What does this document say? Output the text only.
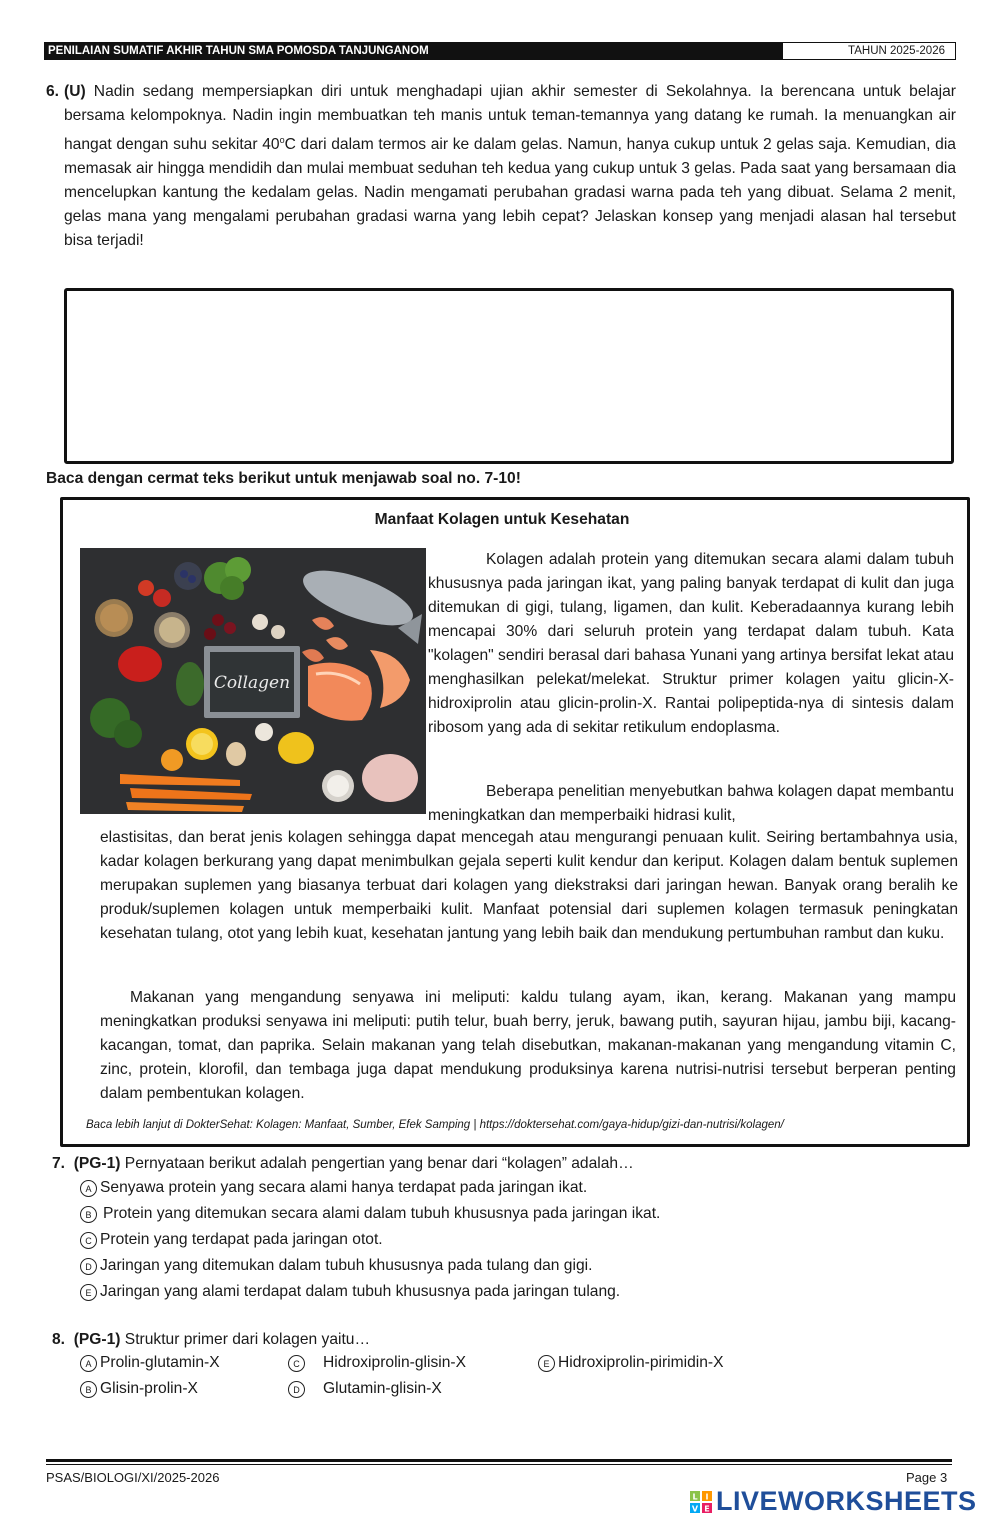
PENILAIAN SUMATIF AKHIR TAHUN SMA POMOSDA TANJUNGANOM	TAHUN 2025-2026
6. (U) Nadin sedang mempersiapkan diri untuk menghadapi ujian akhir semester di Sekolahnya. Ia berencana untuk belajar bersama kelompoknya. Nadin ingin membuatkan teh manis untuk teman-temannya yang datang ke rumah. Ia menuangkan air hangat dengan suhu sekitar 40$^o$C dari dalam termos air ke dalam gelas. Namun, hanya cukup untuk 2 gelas saja. Kemudian, dia memasak air hingga mendidih dan mulai membuat seduhan teh kedua yang cukup untuk 3 gelas. Pada saat yang bersamaan dia mencelupkan kantung the kedalam gelas. Nadin mengamati perubahan gradasi warna pada teh yang dibuat. Selama 2 menit, gelas mana yang mengalami perubahan gradasi warna yang lebih cepat? Jelaskan konsep yang menjadi alasan hal tersebut bisa terjadi!
Baca dengan cermat teks berikut untuk menjawab soal no. 7-10!
Manfaat Kolagen untuk Kesehatan
Collagen
Kolagen adalah protein yang ditemukan secara alami dalam tubuh khususnya pada jaringan ikat, yang paling banyak terdapat di kulit dan juga ditemukan di gigi, tulang, ligamen, dan kulit. Keberadaannya kurang lebih mencapai 30% dari seluruh protein yang terdapat dalam tubuh. Kata "kolagen" sendiri berasal dari bahasa Yunani yang artinya bersifat lekat atau menghasilkan pelekat/melekat. Struktur primer kolagen yaitu glicin-X-hidroxiprolin atau glicin-prolin-X. Rantai polipeptida-nya di sintesis dalam ribosom yang ada di sekitar retikulum endoplasma.
Beberapa penelitian menyebutkan bahwa kolagen dapat membantu meningkatkan dan memperbaiki hidrasi kulit,
elastisitas, dan berat jenis kolagen sehingga dapat mencegah atau mengurangi penuaan kulit. Seiring bertambahnya usia, kadar kolagen berkurang yang dapat menimbulkan gejala seperti kulit kendur dan keriput. Kolagen dalam bentuk suplemen merupakan suplemen yang biasanya terbuat dari kolagen yang diekstraksi dari jaringan hewan. Banyak orang beralih ke produk/suplemen kolagen untuk memperbaiki kulit. Manfaat potensial dari suplemen kolagen termasuk peningkatan kesehatan tulang, otot yang lebih kuat, kesehatan jantung yang lebih baik dan mendukung pertumbuhan rambut dan kuku.
Makanan yang mengandung senyawa ini meliputi: kaldu tulang ayam, ikan, kerang. Makanan yang mampu meningkatkan produksi senyawa ini meliputi: putih telur, buah berry, jeruk, bawang putih, sayuran hijau, jambu biji, kacang-kacangan, tomat, dan paprika. Selain makanan yang telah disebutkan, makanan-makanan yang mengandung vitamin C, zinc, protein, klorofil, dan tembaga juga dapat mendukung produksinya karena nutrisi-nutrisi tersebut berperan penting dalam pembentukan kolagen.
Baca lebih lanjut di DokterSehat: Kolagen: Manfaat, Sumber, Efek Samping | https://doktersehat.com/gaya-hidup/gizi-dan-nutrisi/kolagen/
7. (PG-1) Pernyataan berikut adalah pengertian yang benar dari “kolagen” adalah…
A Senyawa protein yang secara alami hanya terdapat pada jaringan ikat.
B Protein yang ditemukan secara alami dalam tubuh khususnya pada jaringan ikat.
C Protein yang terdapat pada jaringan otot.
D Jaringan yang ditemukan dalam tubuh khususnya pada tulang dan gigi.
E Jaringan yang alami terdapat dalam tubuh khususnya pada jaringan tulang.
8. (PG-1) Struktur primer dari kolagen yaitu…
A Prolin-glutamin-X
B Glisin-prolin-X
C	Hidroxiprolin-glisin-X
D	Glutamin-glisin-X
E Hidroxiprolin-pirimidin-X
PSAS/BIOLOGI/XI/2025-2026	Page 3
L I
V E LIVEWORKSHEETS
